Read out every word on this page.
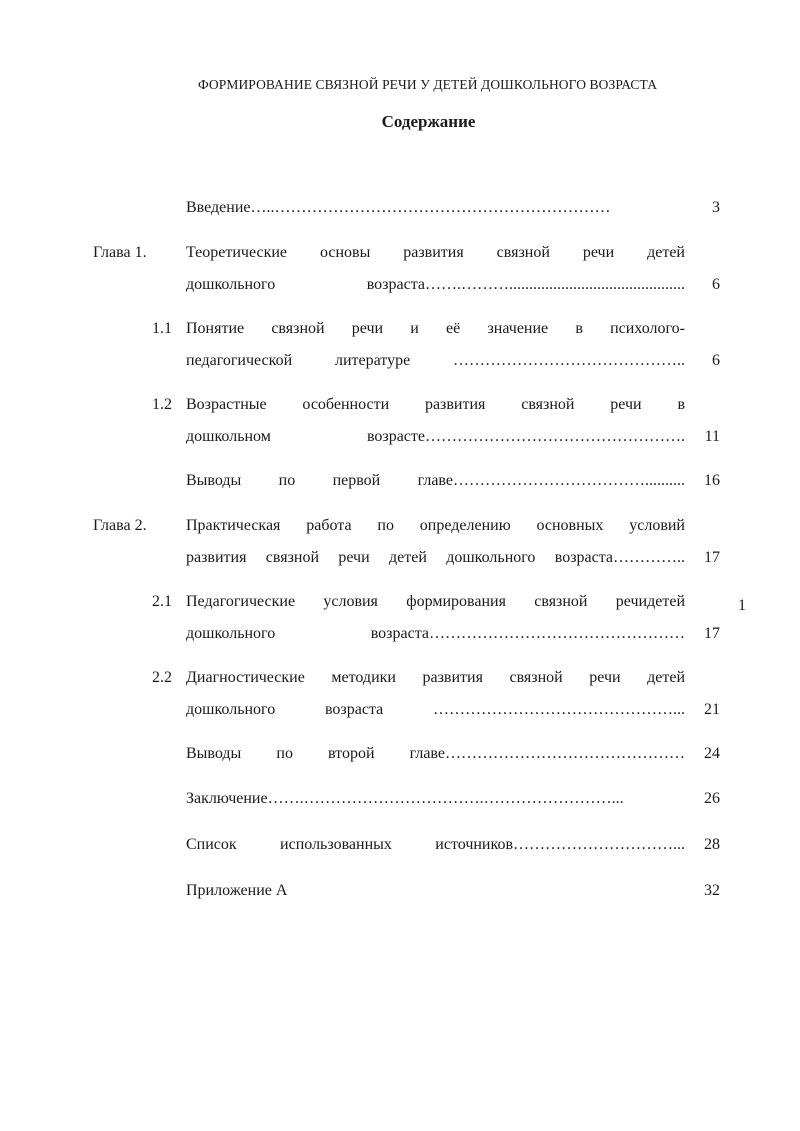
ФОРМИРОВАНИЕ СВЯЗНОЙ РЕЧИ У ДЕТЕЙ ДОШКОЛЬНОГО ВОЗРАСТА
Содержание
Введение…..………………………………………………………	3
Глава 1.	Теоретические основы развития связной речи детей
дошкольного возраста…….………............................................	6
1.1 Понятие связной речи и её значение в психолого-
педагогической литературе ……………………………………..	6
1.2 Возрастные особенности развития связной речи в
дошкольном возрасте………………………………………….	11
Выводы по первой главе………………………………..........	16
Глава 2.	Практическая работа по определению основных условий
развития связной речи детей дошкольного возраста…………..	17
2.1 Педагогические условия формирования связной речидетей
дошкольного возраста…………………………………………	17
2.2 Диагностические методики развития связной речи детей
дошкольного возраста ………………………………………...	21
Выводы по второй главе………………………………………	24
Заключение…….…………………………….……………………...	26
Список использованных источников…………………………...	28
Приложение А	32
1
